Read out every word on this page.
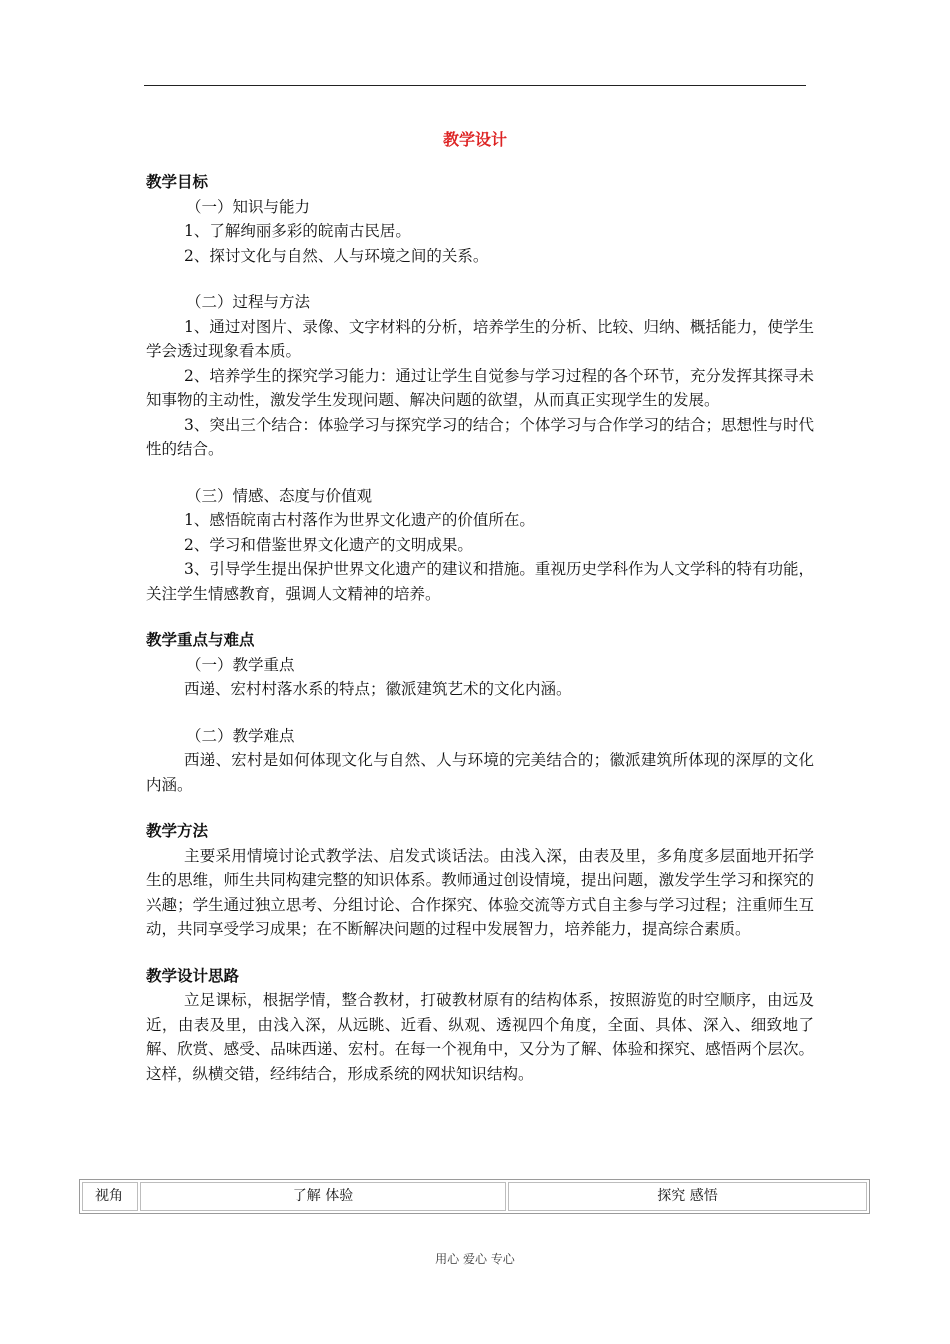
教学设计

教学目标

（一）知识与能力

1、了解绚丽多彩的皖南古民居。

2、探讨文化与自然、人与环境之间的关系。

（二）过程与方法

1、通过对图片、录像、文字材料的分析，培养学生的分析、比较、归纳、概括能力，使学生学会透过现象看本质。

2、培养学生的探究学习能力：通过让学生自觉参与学习过程的各个环节，充分发挥其探寻未知事物的主动性，激发学生发现问题、解决问题的欲望，从而真正实现学生的发展。

3、突出三个结合：体验学习与探究学习的结合；个体学习与合作学习的结合；思想性与时代性的结合。

（三）情感、态度与价值观

1、感悟皖南古村落作为世界文化遗产的价值所在。

2、学习和借鉴世界文化遗产的文明成果。

3、引导学生提出保护世界文化遗产的建议和措施。重视历史学科作为人文学科的特有功能，关注学生情感教育，强调人文精神的培养。

教学重点与难点

（一）教学重点

西递、宏村村落水系的特点；徽派建筑艺术的文化内涵。

（二）教学难点

西递、宏村是如何体现文化与自然、人与环境的完美结合的；徽派建筑所体现的深厚的文化内涵。

教学方法

主要采用情境讨论式教学法、启发式谈话法。由浅入深，由表及里，多角度多层面地开拓学生的思维，师生共同构建完整的知识体系。教师通过创设情境，提出问题，激发学生学习和探究的兴趣；学生通过独立思考、分组讨论、合作探究、体验交流等方式自主参与学习过程；注重师生互动，共同享受学习成果；在不断解决问题的过程中发展智力，培养能力，提高综合素质。

教学设计思路

立足课标，根据学情，整合教材，打破教材原有的结构体系，按照游览的时空顺序，由远及近，由表及里，由浅入深，从远眺、近看、纵观、透视四个角度，全面、具体、深入、细致地了解、欣赏、感受、品味西递、宏村。在每一个视角中，又分为了解、体验和探究、感悟两个层次。这样，纵横交错，经纬结合，形成系统的网状知识结构。

视角	了解 体验	探究 感悟
用心 爱心 专心
